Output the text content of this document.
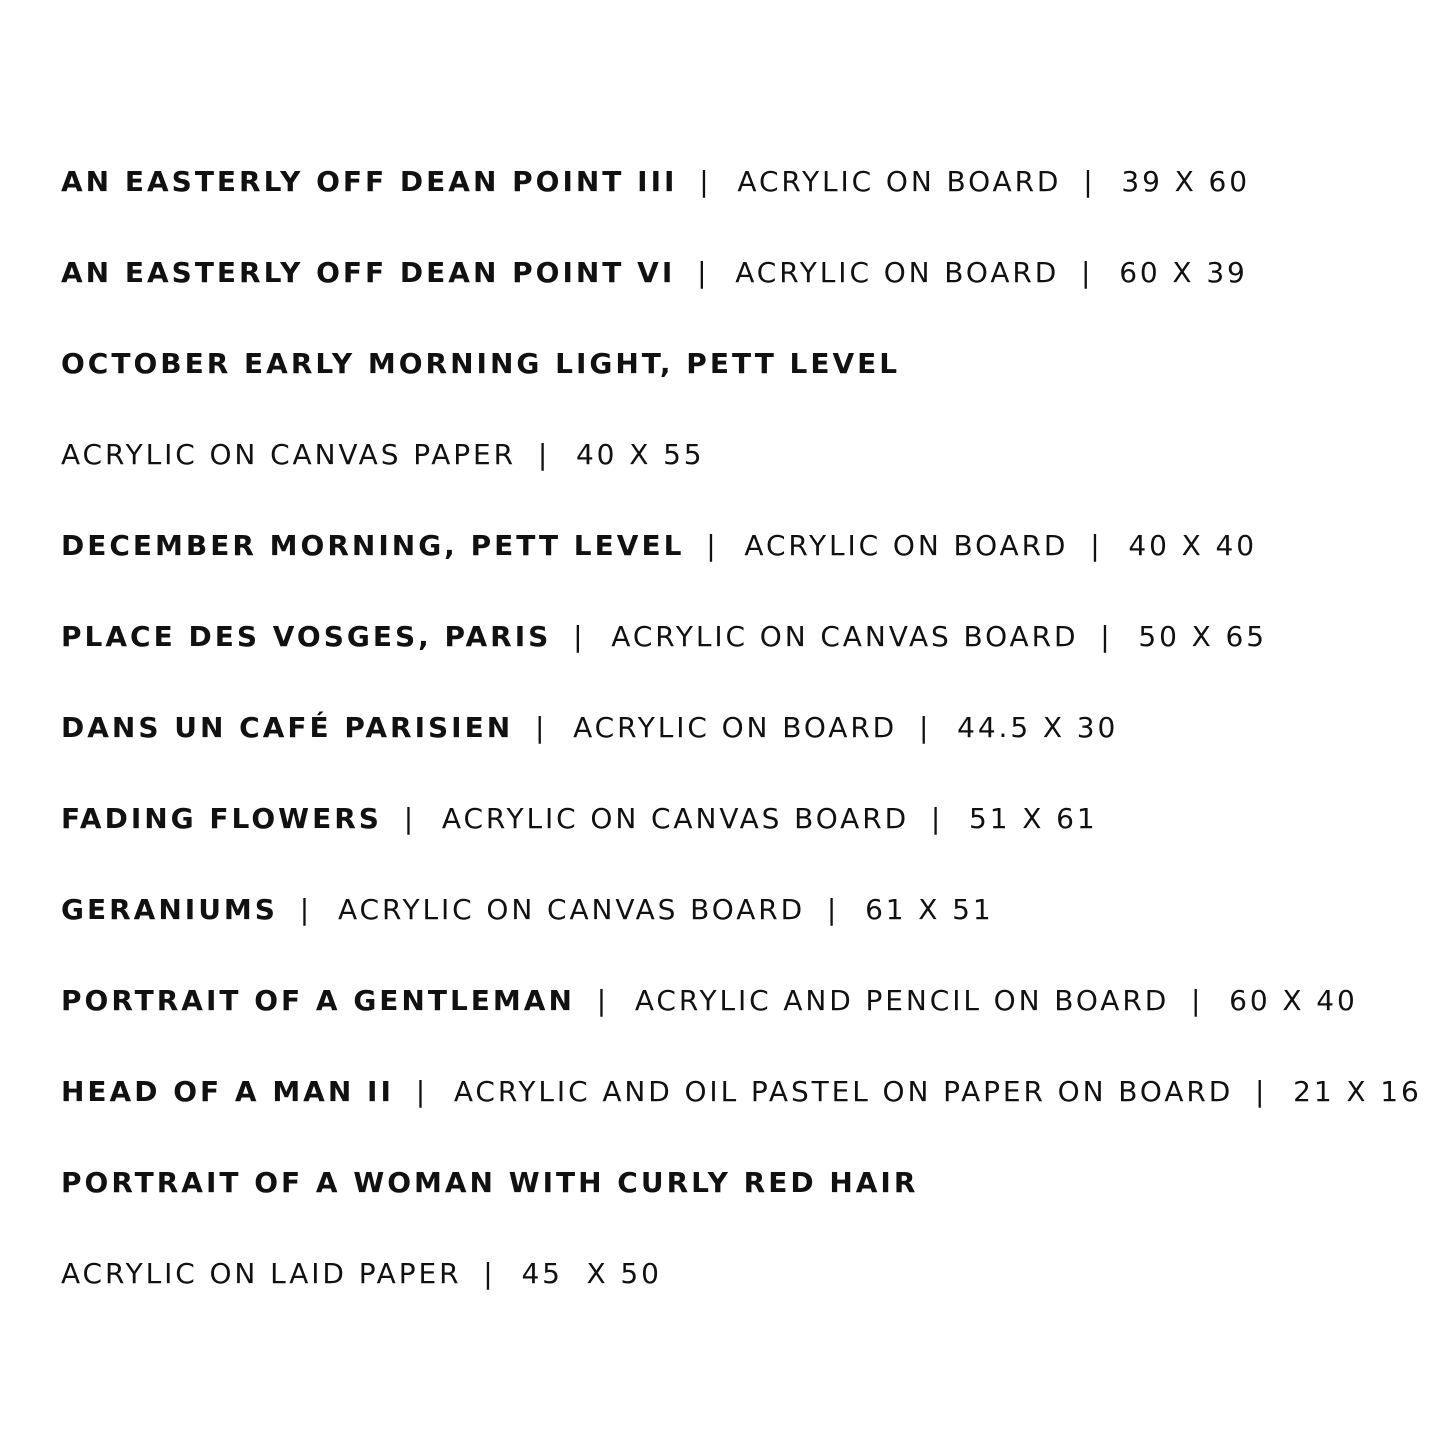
AN EASTERLY OFF DEAN POINT III | ACRYLIC ON BOARD | 39 X 60
AN EASTERLY OFF DEAN POINT VI | ACRYLIC ON BOARD | 60 X 39
OCTOBER EARLY MORNING LIGHT, PETT LEVEL
ACRYLIC ON CANVAS PAPER | 40 X 55
DECEMBER MORNING, PETT LEVEL | ACRYLIC ON BOARD | 40 X 40
PLACE DES VOSGES, PARIS | ACRYLIC ON CANVAS BOARD | 50 X 65
DANS UN CAFÉ PARISIEN | ACRYLIC ON BOARD | 44.5 X 30
FADING FLOWERS | ACRYLIC ON CANVAS BOARD | 51 X 61
GERANIUMS | ACRYLIC ON CANVAS BOARD | 61 X 51
PORTRAIT OF A GENTLEMAN | ACRYLIC AND PENCIL ON BOARD | 60 X 40
HEAD OF A MAN II | ACRYLIC AND OIL PASTEL ON PAPER ON BOARD | 21 X 16
PORTRAIT OF A WOMAN WITH CURLY RED HAIR
ACRYLIC ON LAID PAPER | 45  X 50
